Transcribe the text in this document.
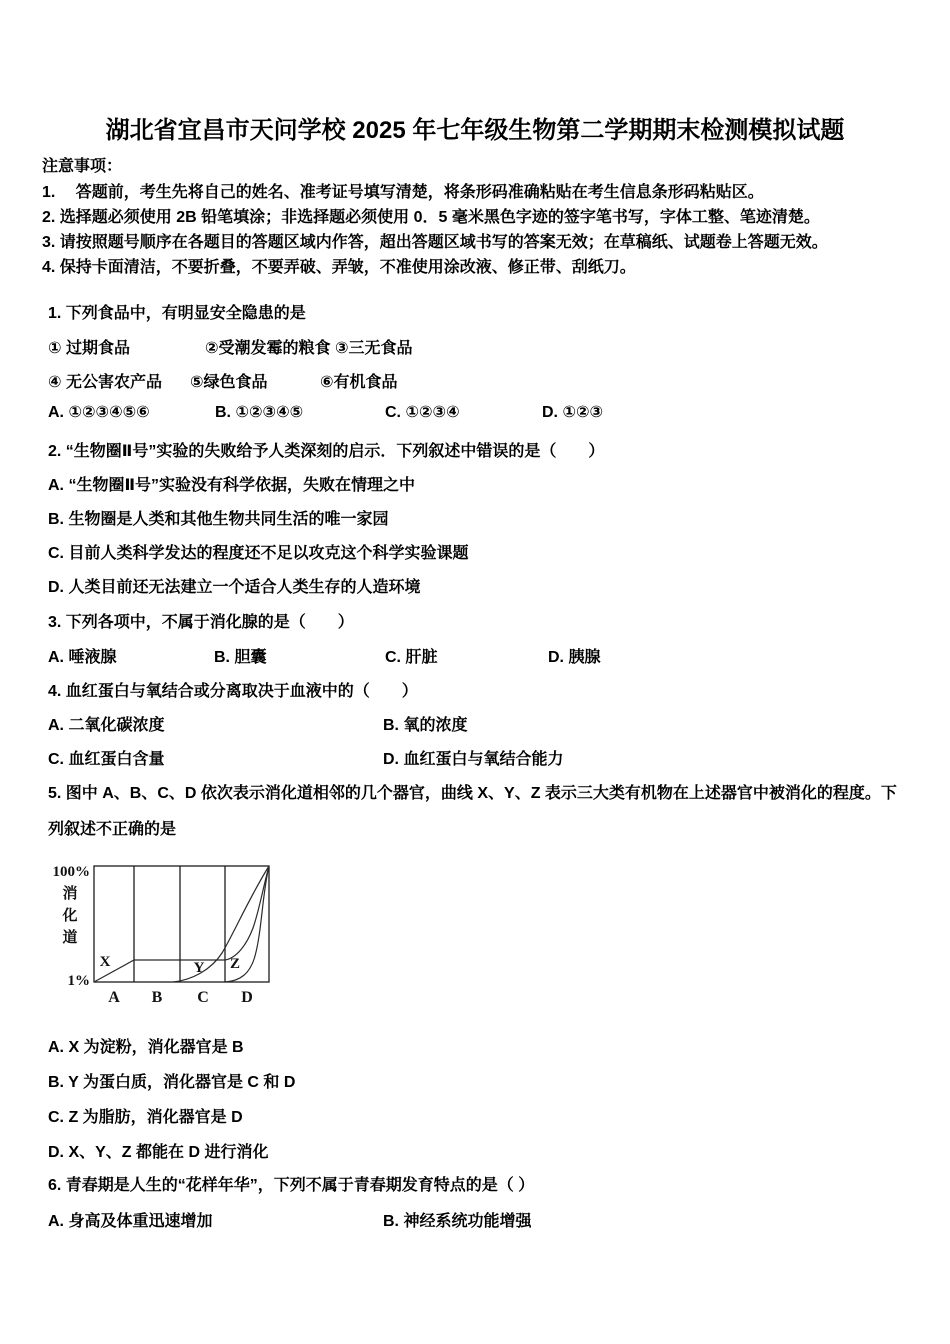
湖北省宜昌市天问学校 2025 年七年级生物第二学期期末检测模拟试题
注意事项：
1.　 答题前，考生先将自己的姓名、准考证号填写清楚，将条形码准确粘贴在考生信息条形码粘贴区。
2. 选择题必须使用 2B 铅笔填涂；非选择题必须使用 0．5 毫米黑色字迹的签字笔书写，字体工整、笔迹清楚。
3. 请按照题号顺序在各题目的答题区域内作答，超出答题区域书写的答案无效；在草稿纸、试题卷上答题无效。
4. 保持卡面清洁，不要折叠，不要弄破、弄皱，不准使用涂改液、修正带、刮纸刀。
1. 下列食品中，有明显安全隐患的是
① 过期食品	②受潮发霉的粮食 ③三无食品
④ 无公害农产品 ⑤绿色食品	⑥有机食品
A. ①②③④⑤⑥	B. ①②③④⑤	C. ①②③④	D. ①②③
2. “生物圈Ⅱ号”实验的失败给予人类深刻的启示．下列叙述中错误的是（　　）
A. “生物圈Ⅱ号”实验没有科学依据，失败在情理之中
B. 生物圈是人类和其他生物共同生活的唯一家园
C. 目前人类科学发达的程度还不足以攻克这个科学实验课题
D. 人类目前还无法建立一个适合人类生存的人造环境
3. 下列各项中，不属于消化腺的是（　　）
A. 唾液腺	B. 胆囊	C. 肝脏	D. 胰腺
4. 血红蛋白与氧结合或分离取决于血液中的（　　）
A. 二氧化碳浓度	B. 氧的浓度
C. 血红蛋白含量	D. 血红蛋白与氧结合能力
5. 图中 A、B、C、D 依次表示消化道相邻的几个器官，曲线 X、Y、Z 表示三大类有机物在上述器官中被消化的程度。下
列叙述不正确的是
100%
消
化
道
1%
X	Y Z
A B C D
A. X 为淀粉，消化器官是 B
B. Y 为蛋白质，消化器官是 C 和 D
C. Z 为脂肪，消化器官是 D
D. X、Y、Z 都能在 D 进行消化
6. 青春期是人生的“花样年华”，下列不属于青春期发育特点的是（ ）
A. 身高及体重迅速增加	B. 神经系统功能增强
